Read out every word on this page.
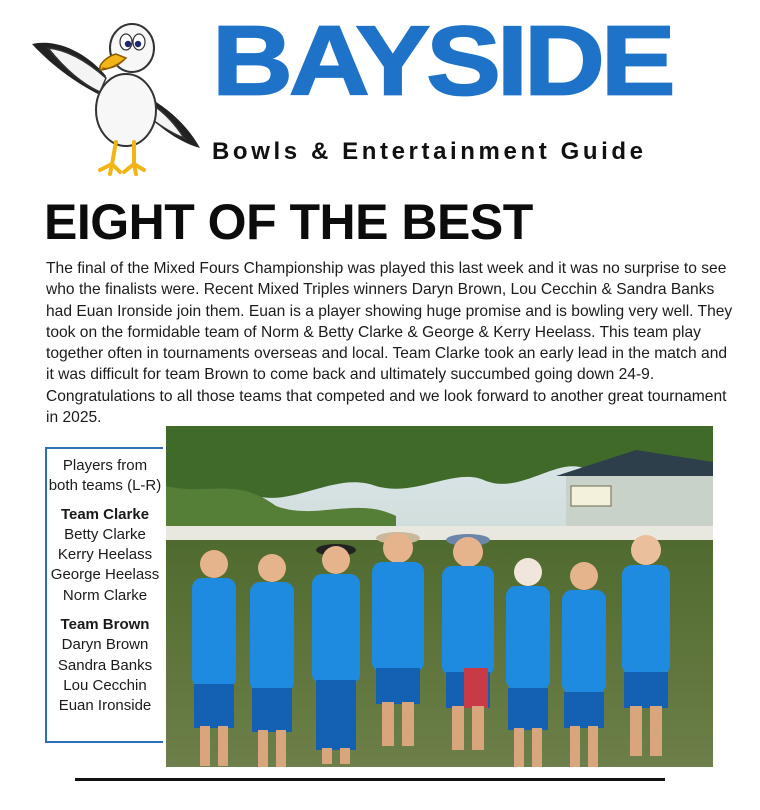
BAYSIDE
Bowls & Entertainment Guide
EIGHT OF THE BEST

The final of the Mixed Fours Championship was played this last week and it was no surprise to see who the finalists were. Recent Mixed Triples winners Daryn Brown, Lou Cecchin & Sandra Banks had Euan Ironside join them. Euan is a player showing huge promise and is bowling very well. They took on the formidable team of Norm & Betty Clarke & George & Kerry Heelass. This team play together often in tournaments overseas and local. Team Clarke took an early lead in the match and it was difficult for team Brown to come back and ultimately succumbed going down 24-9. Congratulations to all those teams that competed and we look forward to another great tournament in 2025.

Players from both teams (L-R)

Team Clarke

Betty Clarke

Kerry Heelass

George Heelass

Norm Clarke

Team Brown

Daryn Brown

Sandra Banks

Lou Cecchin

Euan Ironside
